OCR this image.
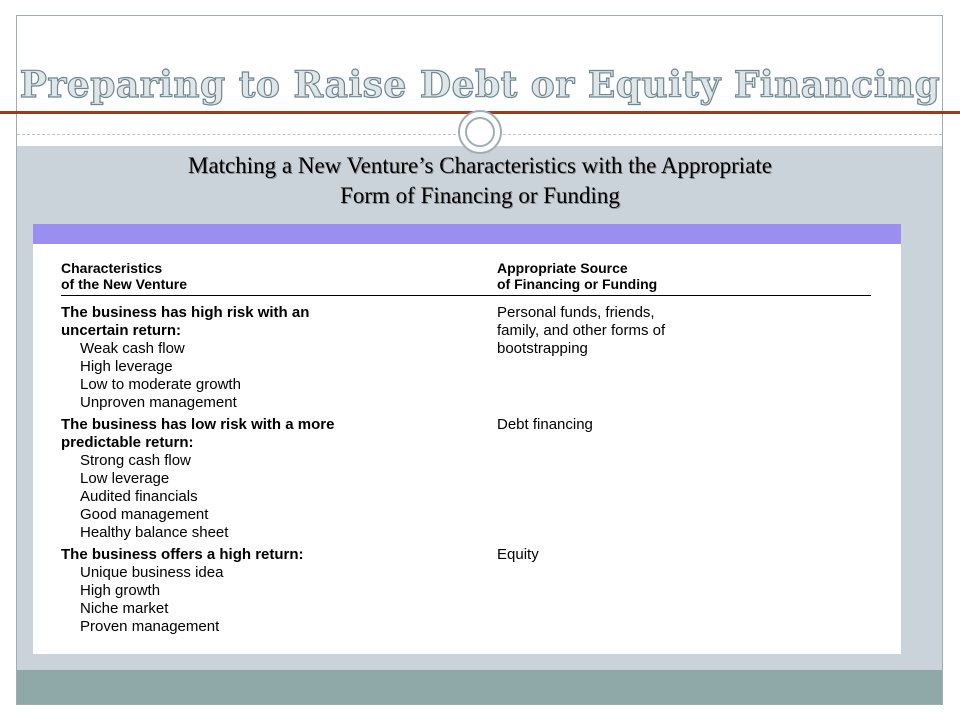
Preparing to Raise Debt or Equity Financing
Matching a New Venture’s Characteristics with the Appropriate
Form of Financing or Funding
Characteristics
of the New Venture
Appropriate Source
of Financing or Funding
The business has high risk with an
uncertain return:
Personal funds, friends,
family, and other forms of
bootstrapping
Weak cash flow
High leverage
Low to moderate growth
Unproven management
The business has low risk with a more
predictable return:
Debt financing
Strong cash flow
Low leverage
Audited financials
Good management
Healthy balance sheet
The business offers a high return:	Equity
Unique business idea
High growth
Niche market
Proven management
